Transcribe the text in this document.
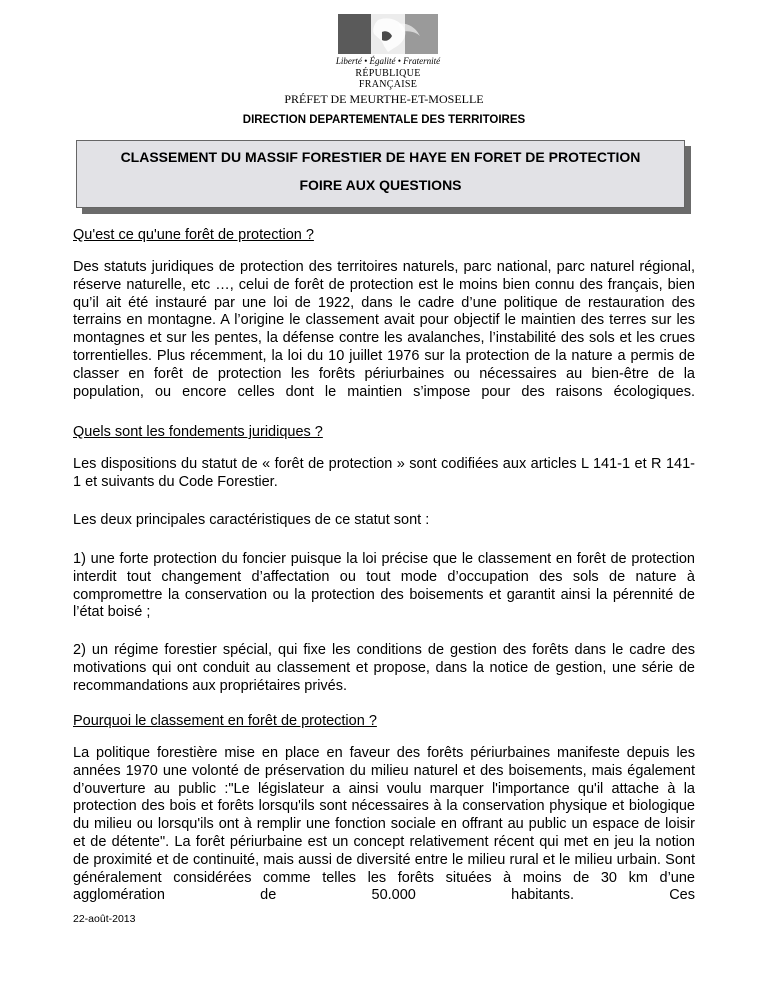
Liberté • Égalité • Fraternité
RÉPUBLIQUE FRANÇAISE
PRÉFET DE MEURTHE-ET-MOSELLE
DIRECTION DEPARTEMENTALE DES TERRITOIRES
CLASSEMENT DU MASSIF FORESTIER DE HAYE EN FORET DE PROTECTION
FOIRE AUX QUESTIONS
Qu'est ce qu'une forêt de protection ?
Des statuts juridiques de protection des territoires naturels, parc national, parc naturel régional, réserve naturelle, etc …, celui de forêt de protection est le moins bien connu des français, bien qu’il ait été instauré par une loi de 1922, dans le cadre d’une politique de restauration des terrains en montagne. A l’origine le classement avait pour objectif le maintien des terres sur les montagnes et sur les pentes, la défense contre les avalanches, l’instabilité des sols et les crues torrentielles. Plus récemment, la loi du 10 juillet 1976 sur la protection de la nature a permis de classer en forêt de protection les forêts périurbaines ou nécessaires au bien-être de la population, ou encore celles dont le maintien s’impose pour des raisons écologiques.
Quels sont les fondements juridiques ?
Les dispositions du statut de « forêt de protection » sont codifiées aux articles L 141-1 et R 141-1 et suivants du Code Forestier.
Les deux principales caractéristiques de ce statut sont :
1) une forte protection du foncier puisque la loi précise que le classement en forêt de protection interdit tout changement d’affectation ou tout mode d’occupation des sols de nature à compromettre la conservation ou la protection des boisements et garantit ainsi la pérennité de l’état boisé ;
2) un régime forestier spécial, qui fixe les conditions de gestion des forêts dans le cadre des motivations qui ont conduit au classement et propose, dans la notice de gestion, une série de recommandations aux propriétaires privés.
Pourquoi le classement en forêt de protection ?
La politique forestière mise en place en faveur des forêts périurbaines manifeste depuis les années 1970 une volonté de préservation du milieu naturel et des boisements, mais également d’ouverture au public :"Le législateur a ainsi voulu marquer l'importance qu'il attache à la protection des bois et forêts lorsqu'ils sont nécessaires à la conservation physique et biologique du milieu ou lorsqu'ils ont à remplir une fonction sociale en offrant au public un espace de loisir et de détente". La forêt périurbaine est un concept relativement récent qui met en jeu la notion de proximité et de continuité, mais aussi de diversité entre le milieu rural et le milieu urbain. Sont généralement considérées comme telles les forêts situées à moins de 30 km d’une agglomération de 50.000 habitants. Ces
22-août-2013
